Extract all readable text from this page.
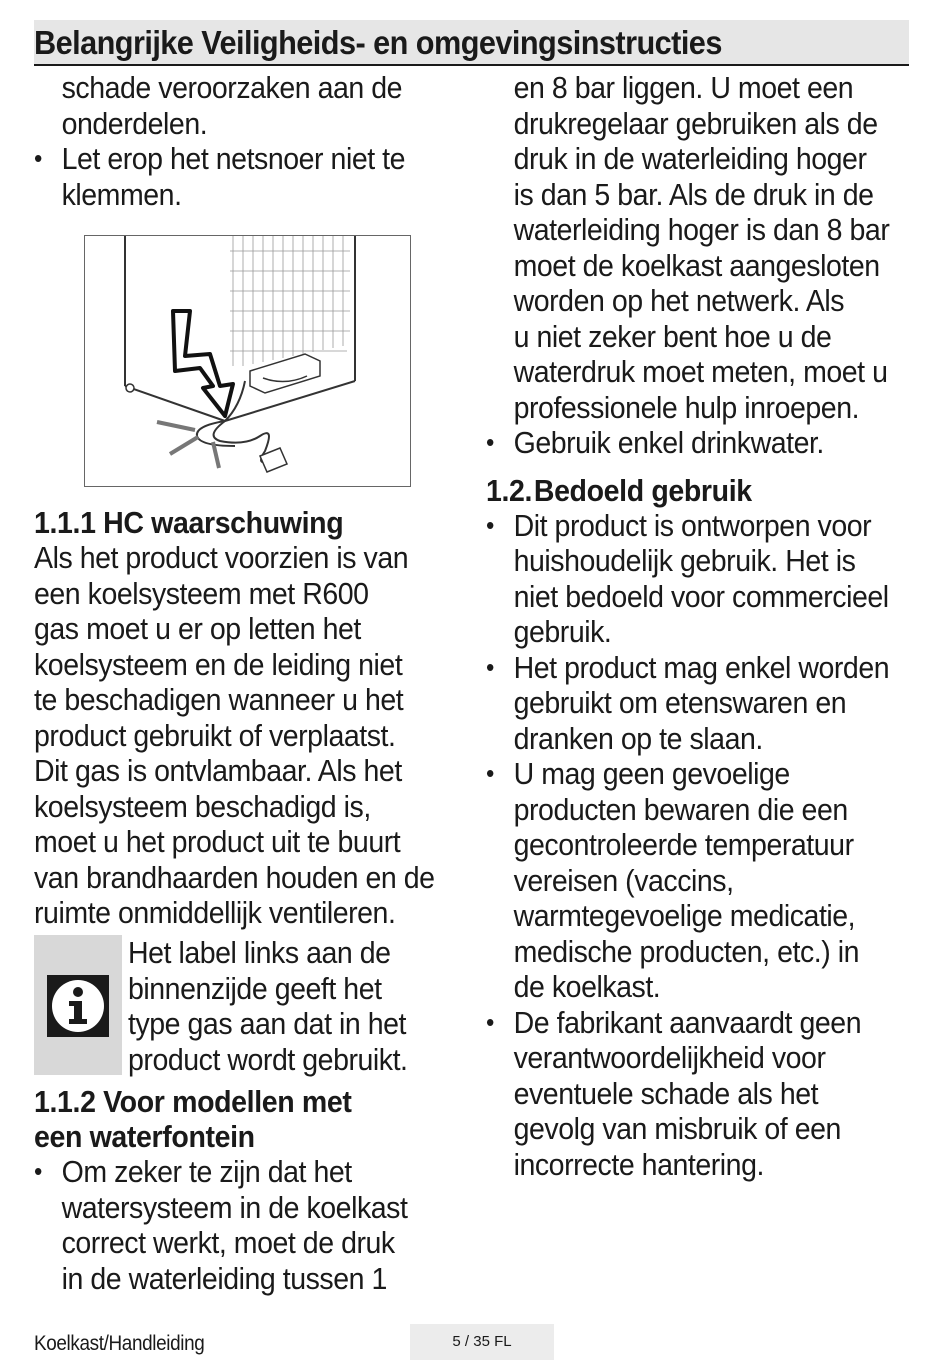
Belangrijke Veiligheids- en omgevingsinstructies
schade veroorzaken aan de
onderdelen.
• Let erop het netsnoer niet te
klemmen.
1.1.1 HC waarschuwing
Als het product voorzien is van
een koelsysteem met R600
gas moet u er op letten het
koelsysteem en de leiding niet
te beschadigen wanneer u het
product gebruikt of verplaatst.
Dit gas is ontvlambaar. Als het
koelsysteem beschadigd is,
moet u het product uit te buurt
van brandhaarden houden en de
ruimte onmiddellijk ventileren.
Het label links aan de
binnenzijde geeft het
type gas aan dat in het
product wordt gebruikt.
1.1.2 Voor modellen met
een waterfontein
• Om zeker te zijn dat het
watersysteem in de koelkast
correct werkt, moet de druk
in de waterleiding tussen 1
en 8 bar liggen. U moet een
drukregelaar gebruiken als de
druk in de waterleiding hoger
is dan 5 bar. Als de druk in de
waterleiding hoger is dan 8 bar
moet de koelkast aangesloten
worden op het netwerk. Als
u niet zeker bent hoe u de
waterdruk moet meten, moet u
professionele hulp inroepen.
• Gebruik enkel drinkwater.
1.2. Bedoeld gebruik
• Dit product is ontworpen voor
huishoudelijk gebruik. Het is
niet bedoeld voor commercieel
gebruik.
• Het product mag enkel worden
gebruikt om etenswaren en
dranken op te slaan.
• U mag geen gevoelige
producten bewaren die een
gecontroleerde temperatuur
vereisen (vaccins,
warmtegevoelige medicatie,
medische producten, etc.) in
de koelkast.
• De fabrikant aanvaardt geen
verantwoordelijkheid voor
eventuele schade als het
gevolg van misbruik of een
incorrecte hantering.
Koelkast/Handleiding	5 / 35 FL
